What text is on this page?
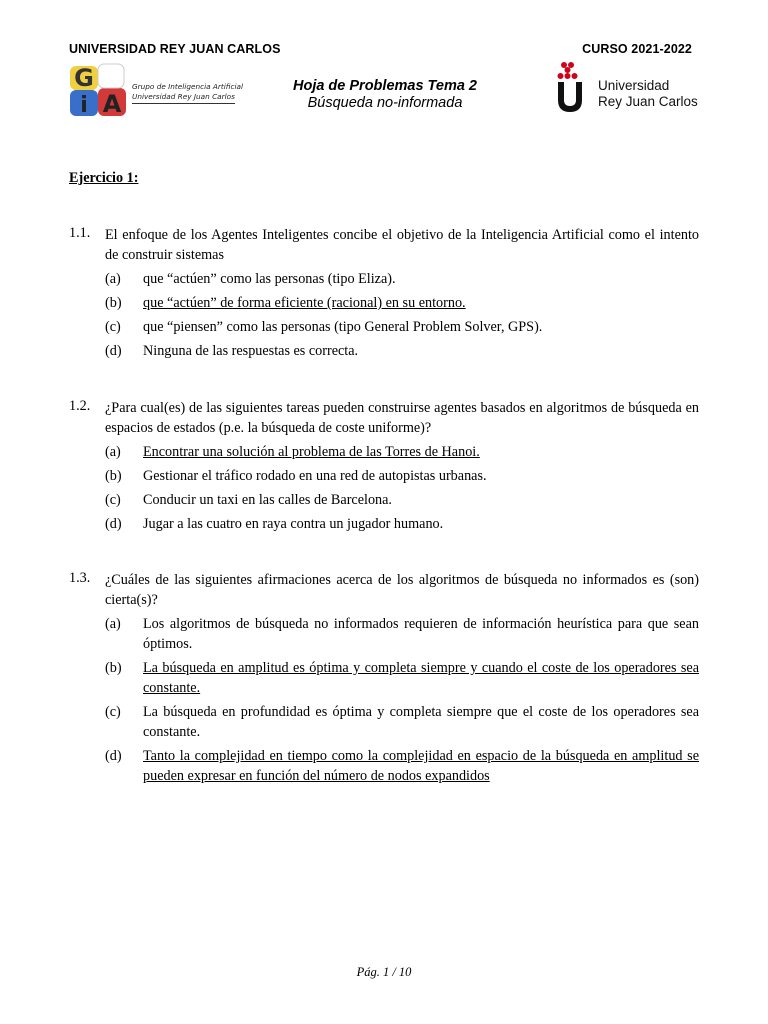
UNIVERSIDAD REY JUAN CARLOS	CURSO 2021-2022
G
i A
Grupo de Inteligencia Artificial
Universidad Rey Juan Carlos
Hoja de Problemas Tema 2
Búsqueda no-informada
Universidad
Rey Juan Carlos

Ejercicio 1:

1.1.	El enfoque de los Agentes Inteligentes concibe el objetivo de la Inteligencia Artificial como el intento de construir sistemas
(a)	que “actúen” como las personas (tipo Eliza).
(b)	que “actúen” de forma eficiente (racional) en su entorno.
(c)	que “piensen” como las personas (tipo General Problem Solver, GPS).
(d)	Ninguna de las respuestas es correcta.
1.2.	¿Para cual(es) de las siguientes tareas pueden construirse agentes basados en algoritmos de búsqueda en espacios de estados (p.e. la búsqueda de coste uniforme)?
(a)	Encontrar una solución al problema de las Torres de Hanoi.
(b)	Gestionar el tráfico rodado en una red de autopistas urbanas.
(c)	Conducir un taxi en las calles de Barcelona.
(d)	Jugar a las cuatro en raya contra un jugador humano.
1.3.	¿Cuáles de las siguientes afirmaciones acerca de los algoritmos de búsqueda no informados es (son) cierta(s)?
(a)	Los algoritmos de búsqueda no informados requieren de información heurística para que sean óptimos.
(b)	La búsqueda en amplitud es óptima y completa siempre y cuando el coste de los operadores sea constante.
(c)	La búsqueda en profundidad es óptima y completa siempre que el coste de los operadores sea constante.
(d)	Tanto la complejidad en tiempo como la complejidad en espacio de la búsqueda en amplitud se pueden expresar en función del número de nodos expandidos
Pág. 1 / 10
